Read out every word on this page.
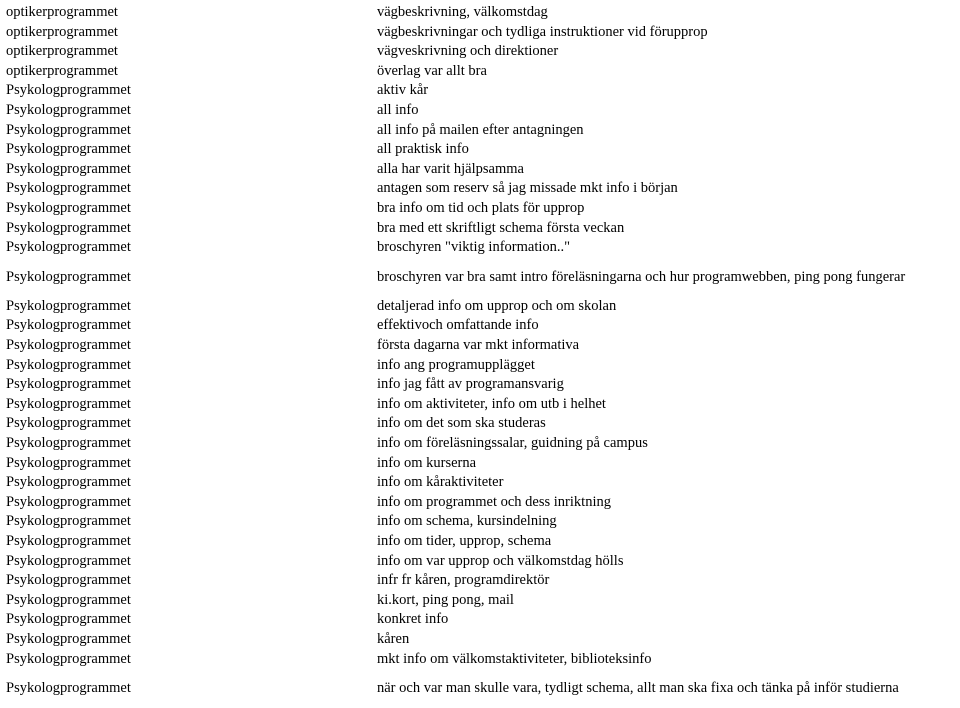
optikerprogrammet	vägbeskrivning, välkomstdag
optikerprogrammet	vägbeskrivningar och tydliga instruktioner vid förupprop
optikerprogrammet	vägveskrivning och direktioner
optikerprogrammet	överlag var allt bra
Psykologprogrammet	aktiv kår
Psykologprogrammet	all info
Psykologprogrammet	all info på mailen efter antagningen
Psykologprogrammet	all praktisk info
Psykologprogrammet	alla har varit hjälpsamma
Psykologprogrammet	antagen som reserv så jag missade mkt info i början
Psykologprogrammet	bra info om tid och plats för upprop
Psykologprogrammet	bra med ett skriftligt schema första veckan
Psykologprogrammet	broschyren "viktig information.."
Psykologprogrammet	broschyren var bra samt intro föreläsningarna och hur programwebben, ping pong fungerar
Psykologprogrammet	detaljerad info om upprop och om skolan
Psykologprogrammet	effektivoch omfattande info
Psykologprogrammet	första dagarna var mkt informativa
Psykologprogrammet	info ang programupplägget
Psykologprogrammet	info jag fått av programansvarig
Psykologprogrammet	info om aktiviteter, info om utb i helhet
Psykologprogrammet	info om det som ska studeras
Psykologprogrammet	info om föreläsningssalar, guidning på campus
Psykologprogrammet	info om kurserna
Psykologprogrammet	info om kåraktiviteter
Psykologprogrammet	info om programmet och dess inriktning
Psykologprogrammet	info om schema, kursindelning
Psykologprogrammet	info om tider, upprop, schema
Psykologprogrammet	info om var upprop och välkomstdag hölls
Psykologprogrammet	infr fr kåren, programdirektör
Psykologprogrammet	ki.kort, ping pong, mail
Psykologprogrammet	konkret info
Psykologprogrammet	kåren
Psykologprogrammet	mkt info om välkomstaktiviteter, biblioteksinfo
Psykologprogrammet	när och var man skulle vara, tydligt schema, allt man ska fixa och tänka på inför studierna
